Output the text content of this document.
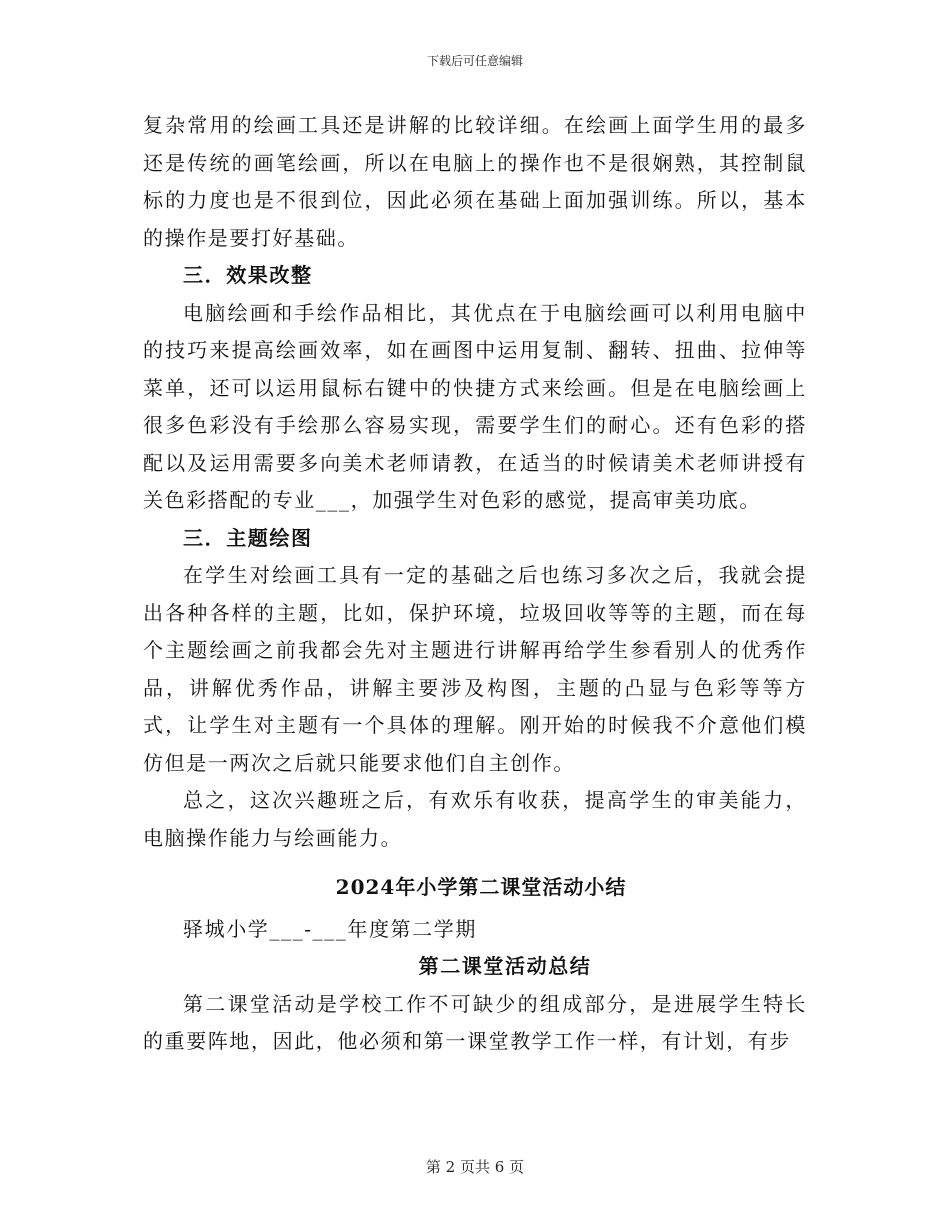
下载后可任意编辑

复杂常用的绘画工具还是讲解的比较详细。在绘画上面学生用的最多还是传统的画笔绘画，所以在电脑上的操作也不是很娴熟，其控制鼠标的力度也是不很到位，因此必须在基础上面加强训练。所以，基本的操作是要打好基础。

三．效果改整

电脑绘画和手绘作品相比，其优点在于电脑绘画可以利用电脑中的技巧来提高绘画效率，如在画图中运用复制、翻转、扭曲、拉伸等菜单，还可以运用鼠标右键中的快捷方式来绘画。但是在电脑绘画上很多色彩没有手绘那么容易实现，需要学生们的耐心。还有色彩的搭配以及运用需要多向美术老师请教，在适当的时候请美术老师讲授有关色彩搭配的专业___，加强学生对色彩的感觉，提高审美功底。

三．主题绘图

在学生对绘画工具有一定的基础之后也练习多次之后，我就会提出各种各样的主题，比如，保护环境，垃圾回收等等的主题，而在每个主题绘画之前我都会先对主题进行讲解再给学生参看别人的优秀作品，讲解优秀作品，讲解主要涉及构图，主题的凸显与色彩等等方式，让学生对主题有一个具体的理解。刚开始的时候我不介意他们模仿但是一两次之后就只能要求他们自主创作。

总之，这次兴趣班之后，有欢乐有收获，提高学生的审美能力，电脑操作能力与绘画能力。

2024年小学第二课堂活动小结

驿城小学___-___年度第二学期

第二课堂活动总结

第二课堂活动是学校工作不可缺少的组成部分，是进展学生特长的重要阵地，因此，他必须和第一课堂教学工作一样，有计划，有步

第 2 页共 6 页
